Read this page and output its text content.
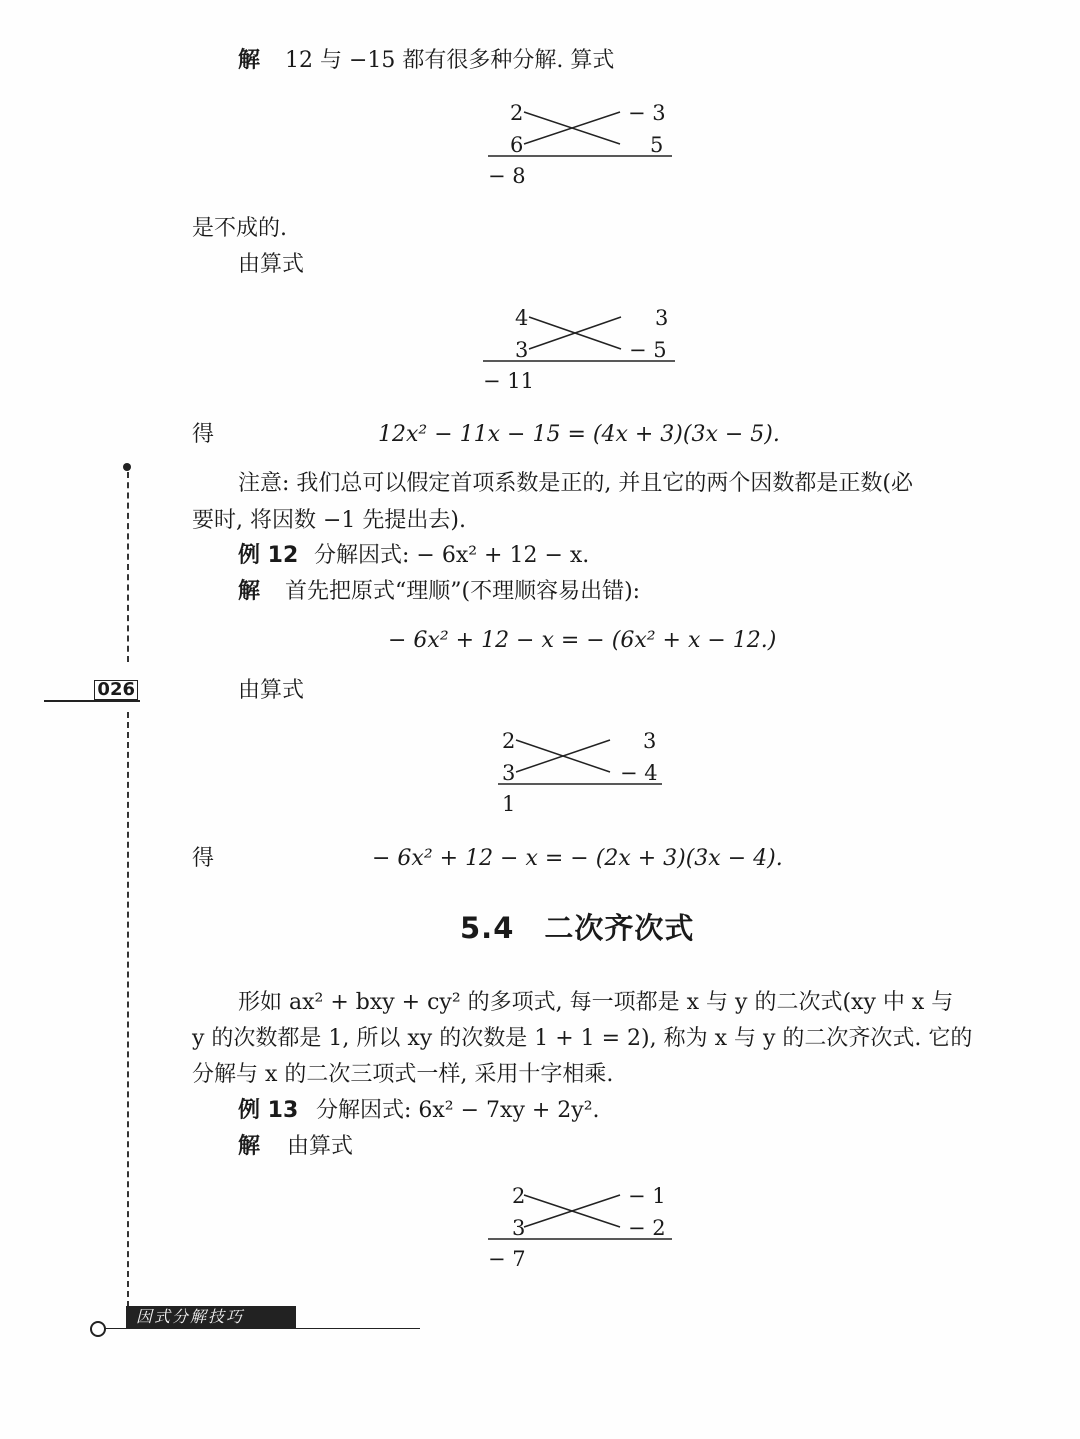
026
解 12 与 −15 都有很多种分解. 算式
2
6
− 3
5
− 8
是不成的.
由算式
4
3
3
− 5
− 11
得	12x² − 11x − 15 = (4x + 3)(3x − 5).
注意: 我们总可以假定首项系数是正的, 并且它的两个因数都是正数(必
要时, 将因数 −1 先提出去).
例 12 分解因式: − 6x² + 12 − x.
解 首先把原式“理顺”(不理顺容易出错):
− 6x² + 12 − x = − (6x² + x − 12.)
由算式
2
3
3
− 4
1
得	− 6x² + 12 − x = − (2x + 3)(3x − 4).
5.4　二次齐次式
形如 ax² + bxy + cy² 的多项式, 每一项都是 x 与 y 的二次式(xy 中 x 与
y 的次数都是 1, 所以 xy 的次数是 1 + 1 = 2), 称为 x 与 y 的二次齐次式. 它的
分解与 x 的二次三项式一样, 采用十字相乘.
例 13 分解因式: 6x² − 7xy + 2y².
解 由算式
2
3
− 1
− 2
− 7
因式分解技巧
